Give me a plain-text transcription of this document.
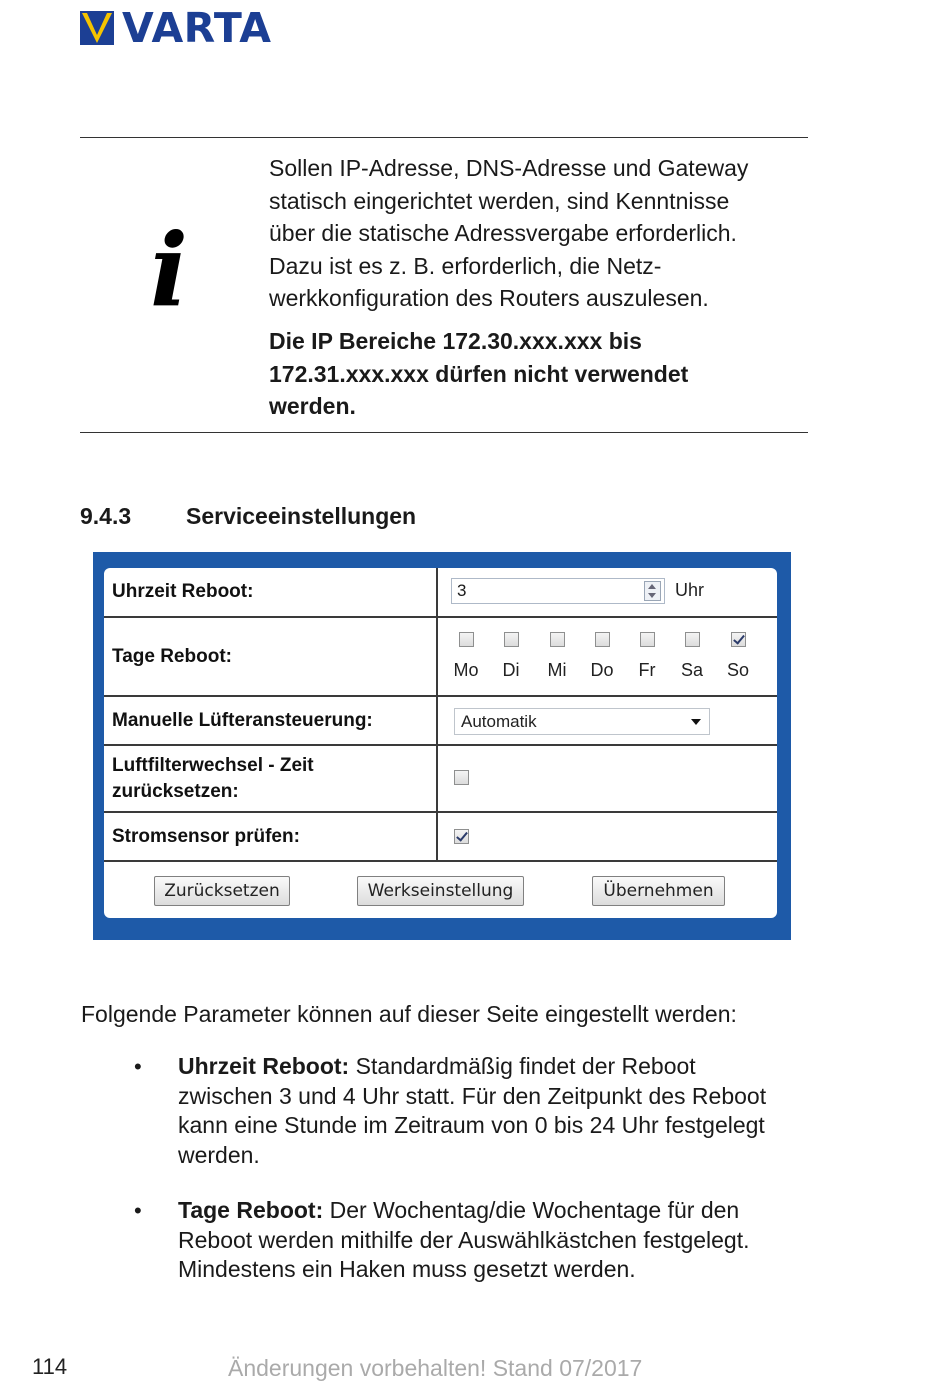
VARTA
i

Sollen IP-Adresse, DNS-Adresse und Gateway
statisch eingerichtet werden, sind Kenntnisse
über die statische Adressvergabe erforderlich.
Dazu ist es z. B. erforderlich, die Netz-
werkkonfiguration des Routers auszulesen.

Die IP Bereiche 172.30.xxx.xxx bis
172.31.xxx.xxx dürfen nicht verwendet
werden.

9.4.3 Serviceeinstellungen
Uhrzeit Reboot:	3	Uhr
Tage Reboot:
Mo	Di	Mi	Do	Fr	Sa	So
Manuelle Lüfteransteuerung:	Automatik
Luftfilterwechsel - Zeit
zurücksetzen:
Stromsensor prüfen:
Zurücksetzen	Werkseinstellung	Übernehmen
Folgende Parameter können auf dieser Seite eingestellt werden:
• Uhrzeit Reboot: Standardmäßig findet der Reboot
zwischen 3 und 4 Uhr statt. Für den Zeitpunkt des Reboot
kann eine Stunde im Zeitraum von 0 bis 24 Uhr festgelegt
werden.
• Tage Reboot: Der Wochentag/die Wochentage für den
Reboot werden mithilfe der Auswählkästchen festgelegt.
Mindestens ein Haken muss gesetzt werden.
114	Änderungen vorbehalten! Stand 07/2017
